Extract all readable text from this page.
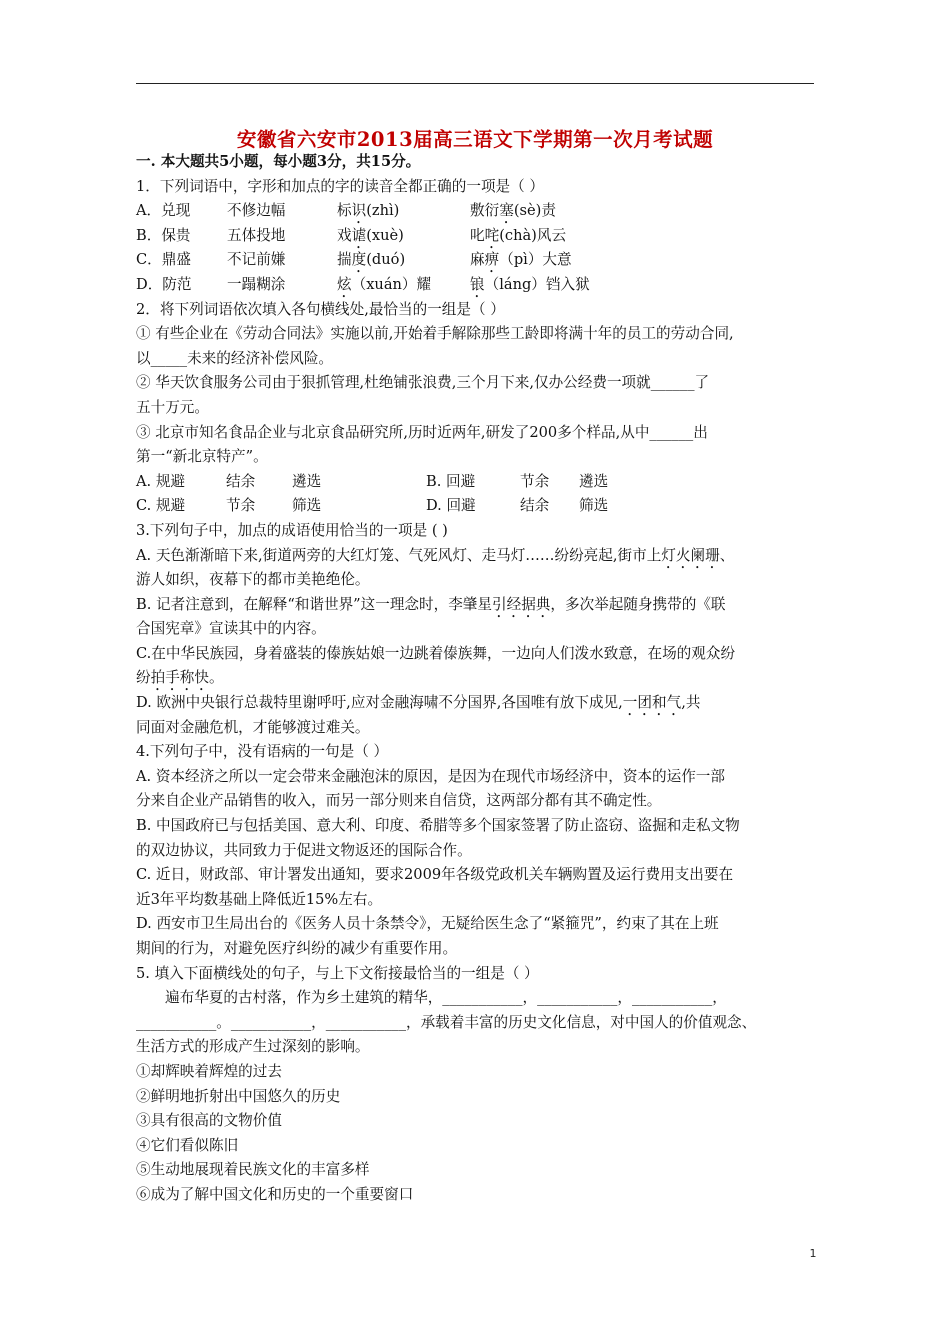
安徽省六安市2013届高三语文下学期第一次月考试题
一. 本大题共5小题，每小题3分，共15分。
1．下列词语中，字形和加点的字的读音全都正确的一项是（ ）
A．兑现	不修边幅	标识(zhì)	敷衍塞(sè)责
B．保贵	五体投地	戏谑(xuè)	叱咤(chà)风云
C．鼎盛	不记前嫌	揣度(duó)	麻痹（pì）大意
D．防范	一蹋糊涂	炫（xuán）耀	锒（láng）铛入狱
2．将下列词语依次填入各句横线处,最恰当的一组是（ ）
① 有些企业在《劳动合同法》实施以前,开始着手解除那些工龄即将满十年的员工的劳动合同,
以_____未来的经济补偿风险。
② 华天饮食服务公司由于狠抓管理,杜绝铺张浪费,三个月下来,仅办公经费一项就______了
五十万元。
③ 北京市知名食品企业与北京食品研究所,历时近两年,研发了200多个样品,从中______出
第一“新北京特产”。
A. 规避	结余	遴选	B. 回避	节余	遴选
C. 规避	节余	筛选	D. 回避	结余	筛选
3.下列句子中，加点的成语使用恰当的一项是 ( )
A. 天色渐渐暗下来,街道两旁的大红灯笼、气死风灯、走马灯……纷纷亮起,街市上灯火阑珊、
游人如织，夜幕下的都市美艳绝伦。
B. 记者注意到，在解释“和谐世界”这一理念时，李肇星引经据典，多次举起随身携带的《联
合国宪章》宣读其中的内容。
C.在中华民族园，身着盛装的傣族姑娘一边跳着傣族舞，一边向人们泼水致意，在场的观众纷
纷拍手称快。
D. 欧洲中央银行总裁特里谢呼吁,应对金融海啸不分国界,各国唯有放下成见,一团和气,共
同面对金融危机，才能够渡过难关。
4.下列句子中，没有语病的一句是（ ）
A. 资本经济之所以一定会带来金融泡沫的原因，是因为在现代市场经济中，资本的运作一部
分来自企业产品销售的收入，而另一部分则来自信贷，这两部分都有其不确定性。
B. 中国政府已与包括美国、意大利、印度、希腊等多个国家签署了防止盗窃、盗掘和走私文物
的双边协议，共同致力于促进文物返还的国际合作。
C. 近日，财政部、审计署发出通知，要求2009年各级党政机关车辆购置及运行费用支出要在
近3年平均数基础上降低近15%左右。
D. 西安市卫生局出台的《医务人员十条禁令》，无疑给医生念了“紧箍咒”，约束了其在上班
期间的行为，对避免医疗纠纷的减少有重要作用。
5. 填入下面横线处的句子，与上下文衔接最恰当的一组是（ ）
遍布华夏的古村落，作为乡土建筑的精华，___________，___________，___________，
___________。___________，___________，承载着丰富的历史文化信息，对中国人的价值观念、
生活方式的形成产生过深刻的影响。
①却辉映着辉煌的过去
②鲜明地折射出中国悠久的历史
③具有很高的文物价值
④它们看似陈旧
⑤生动地展现着民族文化的丰富多样
⑥成为了解中国文化和历史的一个重要窗口
1
